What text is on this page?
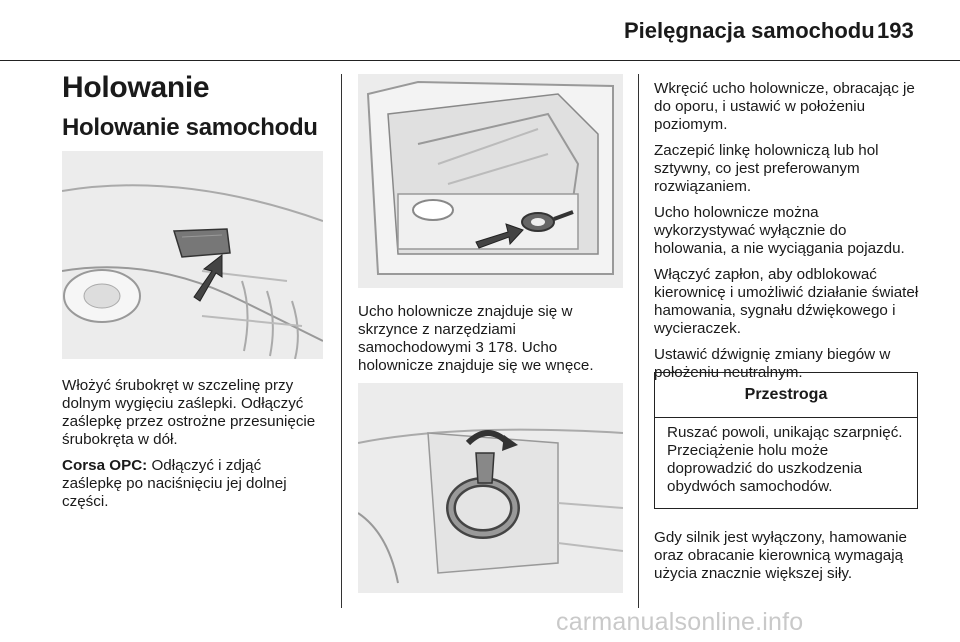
Pielęgnacja samochodu 193
Holowanie
Holowanie samochodu

Włożyć śrubokręt w szczelinę przy dolnym wygięciu zaślepki. Odłączyć zaślepkę przez ostrożne przesunięcie śrubokręta w dół.

Corsa OPC: Odłączyć i zdjąć zaślepkę po naciśnięciu jej dolnej części.

Ucho holownicze znajduje się w skrzynce z narzędziami samochodowymi 3 178. Ucho holownicze znajduje się we wnęce.

Wkręcić ucho holownicze, obracając je do oporu, i ustawić w położeniu poziomym.

Zaczepić linkę holowniczą lub hol sztywny, co jest preferowanym rozwiązaniem.

Ucho holownicze można wykorzystywać wyłącznie do holowania, a nie wyciągania pojazdu.

Włączyć zapłon, aby odblokować kierownicę i umożliwić działanie świateł hamowania, sygnału dźwiękowego i wycieraczek.

Ustawić dźwignię zmiany biegów w położeniu neutralnym.

Przestroga
Ruszać powoli, unikając szarpnięć. Przeciążenie holu może doprowadzić do uszkodzenia obydwóch samochodów.

Gdy silnik jest wyłączony, hamowanie oraz obracanie kierownicą wymagają użycia znacznie większej siły.

carmanualsonline.info
